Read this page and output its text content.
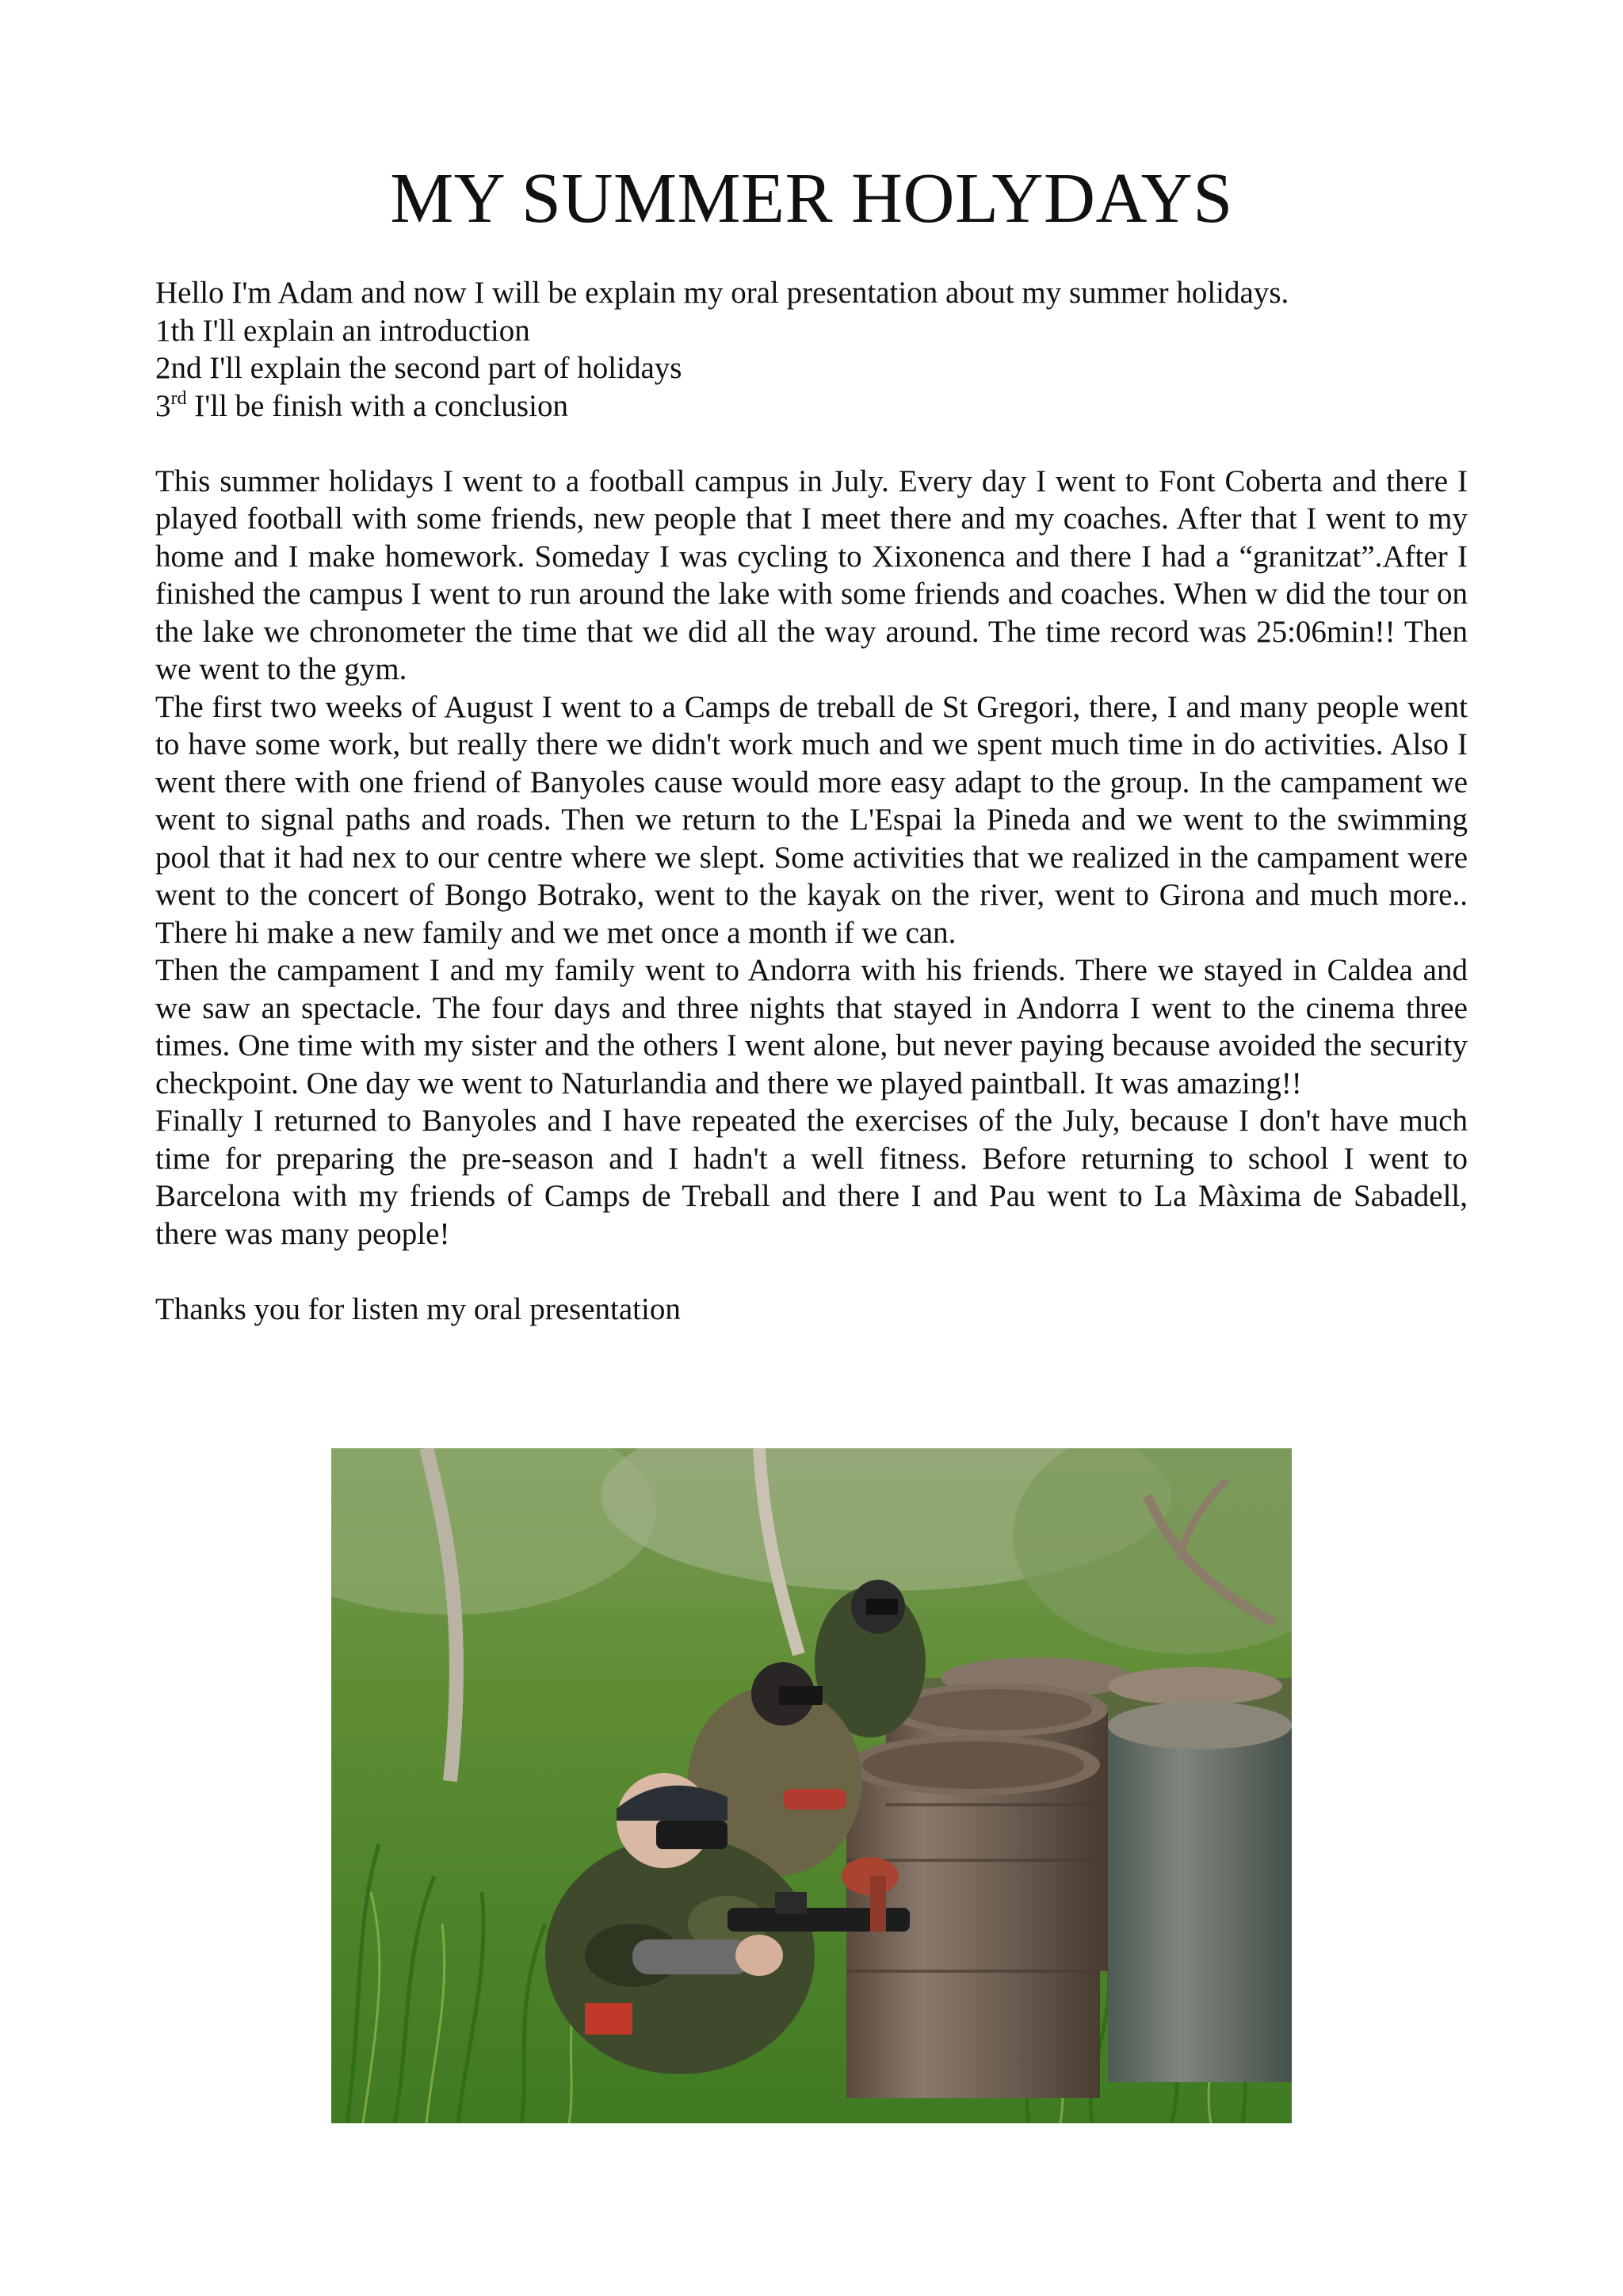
MY SUMMER HOLYDAYS

Hello I'm Adam and now I will be explain my oral presentation about my summer holidays.

1th I'll explain an introduction

2nd I'll explain the second part of holidays

3rd I'll be finish with a conclusion

This summer holidays I went to a football campus in July. Every day I went to Font Coberta and there I played football with some friends, new people that I meet there and my coaches. After that I went to my home and I make homework. Someday I was cycling to Xixonenca and there I had a “granitzat”.After I finished the campus I went to run around the lake with some friends and coaches. When w did the tour on the lake we chronometer the time that we did all the way around. The time record was 25:06min!! Then we went to the gym.

The first two weeks of August I went to a Camps de treball de St Gregori, there, I and many people went to have some work, but really there we didn't work much and we spent much time in do activities. Also I went there with one friend of Banyoles cause would more easy adapt to the group. In the campament we went to signal paths and roads. Then we return to the L'Espai la Pineda and we went to the swimming pool that it had nex to our centre where we slept. Some activities that we realized in the campament were went to the concert of Bongo Botrako, went to the kayak on the river, went to Girona and much more.. There hi make a new family and we met once a month if we can.

Then the campament I and my family went to Andorra with his friends. There we stayed in Caldea and we saw an spectacle. The four days and three nights that stayed in Andorra I went to the cinema three times. One time with my sister and the others I went alone, but never paying because avoided the security checkpoint. One day we went to Naturlandia and there we played paintball. It was amazing!!

Finally I returned to Banyoles and I have repeated the exercises of the July, because I don't have much time for preparing the pre-season and I hadn't a well fitness. Before returning to school I went to Barcelona with my friends of Camps de Treball and there I and Pau went to La Màxima de Sabadell, there was many people!

Thanks you for listen my oral presentation
